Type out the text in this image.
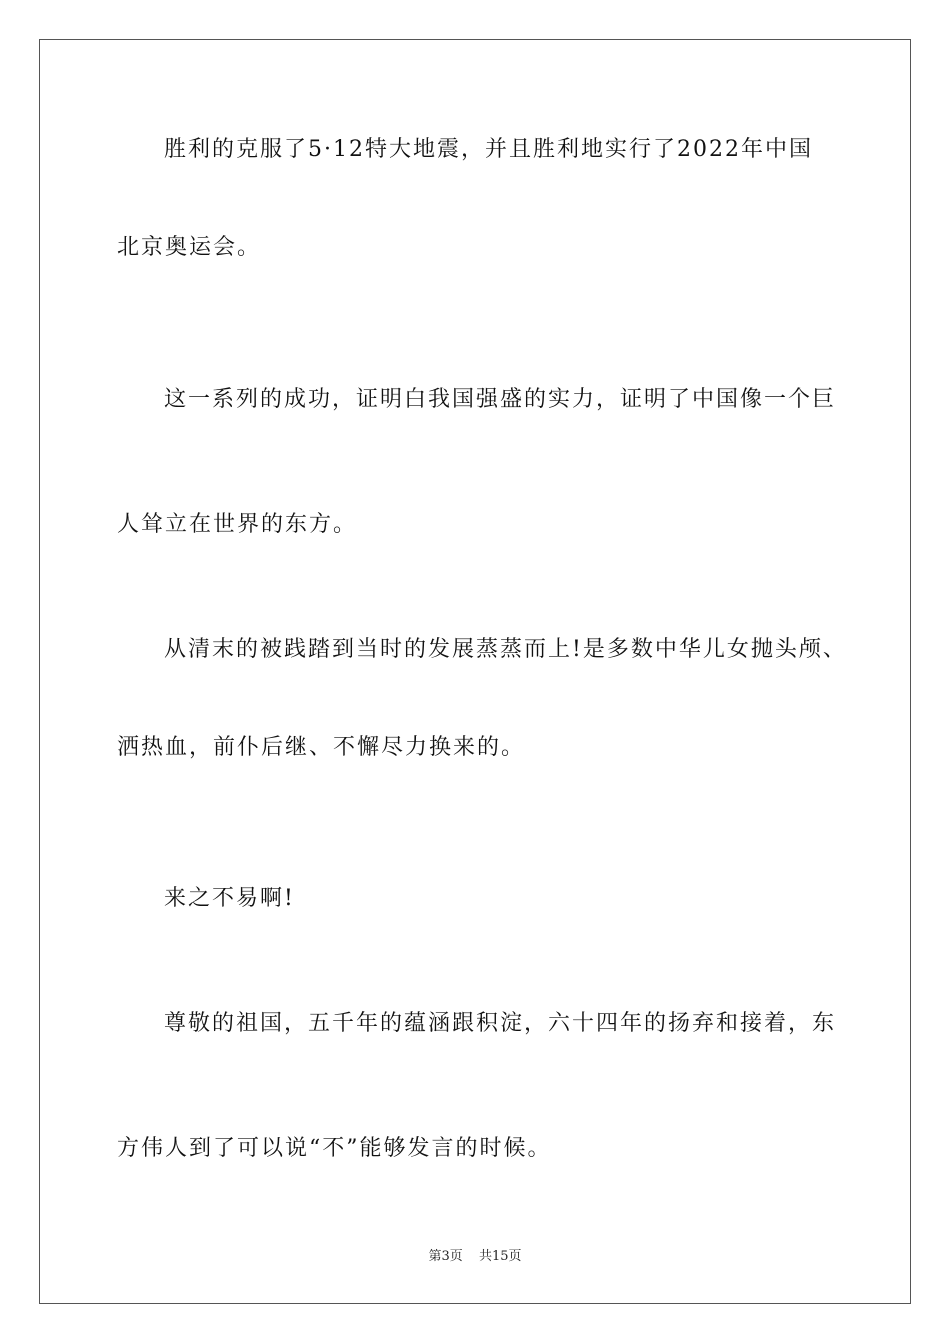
胜利的克服了5·12特大地震，并且胜利地实行了2022年中国
北京奥运会。
这一系列的成功，证明白我国强盛的实力，证明了中国像一个巨
人耸立在世界的东方。
从清末的被践踏到当时的发展蒸蒸而上!是多数中华儿女抛头颅、
洒热血，前仆后继、不懈尽力换来的。
来之不易啊!
尊敬的祖国，五千年的蕴涵跟积淀，六十四年的扬弃和接着，东
方伟人到了可以说“不”能够发言的时候。
第3页 共15页
